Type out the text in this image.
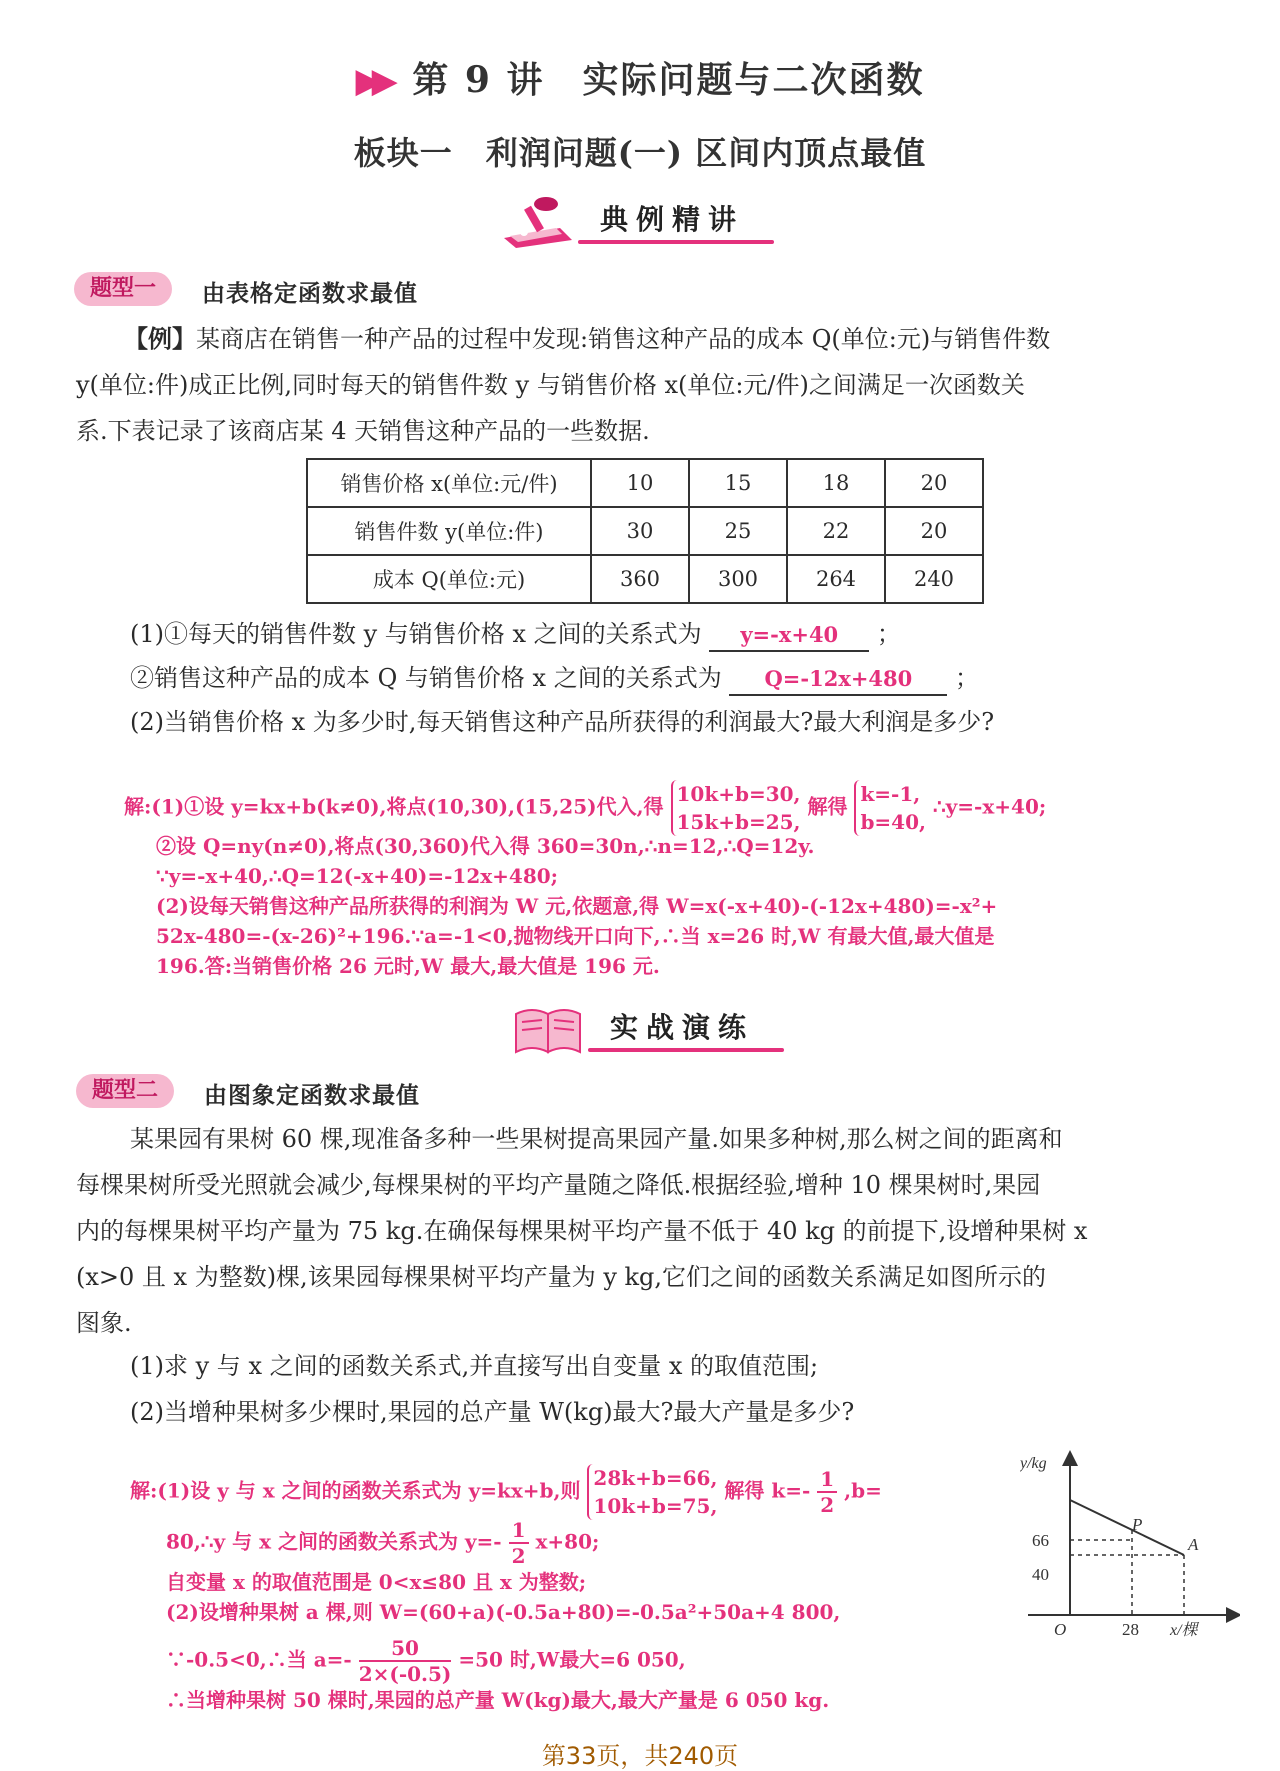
▶▶ 第 9 讲　实际问题与二次函数
板块一　利润问题(一) 区间内顶点最值
典例精讲
题型一	由表格定函数求最值
【例】某商店在销售一种产品的过程中发现:销售这种产品的成本 Q(单位:元)与销售件数
y(单位:件)成正比例,同时每天的销售件数 y 与销售价格 x(单位:元/件)之间满足一次函数关
系.下表记录了该商店某 4 天销售这种产品的一些数据.
销售价格 x(单位:元/件)	10	15	18	20
销售件数 y(单位:件)	30	25	22	20
成本 Q(单位:元)	360	300	264	240
(1)①每天的销售件数 y 与销售价格 x 之间的关系式为 y=-x+40 ；
②销售这种产品的成本 Q 与销售价格 x 之间的关系式为 Q=-12x+480 ；
(2)当销售价格 x 为多少时,每天销售这种产品所获得的利润最大?最大利润是多少?
解:(1)①设 y=kx+b(k≠0),将点(10,30),(15,25)代入,得
10k+b=30,
15k+b=25,
解得
k=-1,
b=40,
∴y=-x+40;
②设 Q=ny(n≠0),将点(30,360)代入得 360=30n,∴n=12,∴Q=12y.
∵y=-x+40,∴Q=12(-x+40)=-12x+480;
(2)设每天销售这种产品所获得的利润为 W 元,依题意,得 W=x(-x+40)-(-12x+480)=-x²+
52x-480=-(x-26)²+196.∵a=-1<0,抛物线开口向下,∴当 x=26 时,W 有最大值,最大值是
196.答:当销售价格 26 元时,W 最大,最大值是 196 元.
实战演练
题型二	由图象定函数求最值
某果园有果树 60 棵,现准备多种一些果树提高果园产量.如果多种树,那么树之间的距离和
每棵果树所受光照就会减少,每棵果树的平均产量随之降低.根据经验,增种 10 棵果树时,果园
内的每棵果树平均产量为 75 kg.在确保每棵果树平均产量不低于 40 kg 的前提下,设增种果树 x
(x>0 且 x 为整数)棵,该果园每棵果树平均产量为 y kg,它们之间的函数关系满足如图所示的
图象.
(1)求 y 与 x 之间的函数关系式,并直接写出自变量 x 的取值范围;
(2)当增种果树多少棵时,果园的总产量 W(kg)最大?最大产量是多少?
解:(1)设 y 与 x 之间的函数关系式为 y=kx+b,则
28k+b=66,
10k+b=75,
解得 $k=- \frac{1}{2} ,b=$
80,∴y 与 x 之间的函数关系式为 $y=- \frac{1}{2} x+80$;
自变量 x 的取值范围是 0<x≤80 且 x 为整数;
(2)设增种果树 a 棵,则 W=(60+a)(-0.5a+80)=-0.5a²+50a+4 800,
∵-0.5<0,∴当 $a=- \frac{50}{2\times(-0.5)} =50$ 时,W最大=6 050,
∴当增种果树 50 棵时,果园的总产量 W(kg)最大,最大产量是 6 050 kg.
y/kg
66
40
O	28 x/棵
P
A
第33页，共240页
